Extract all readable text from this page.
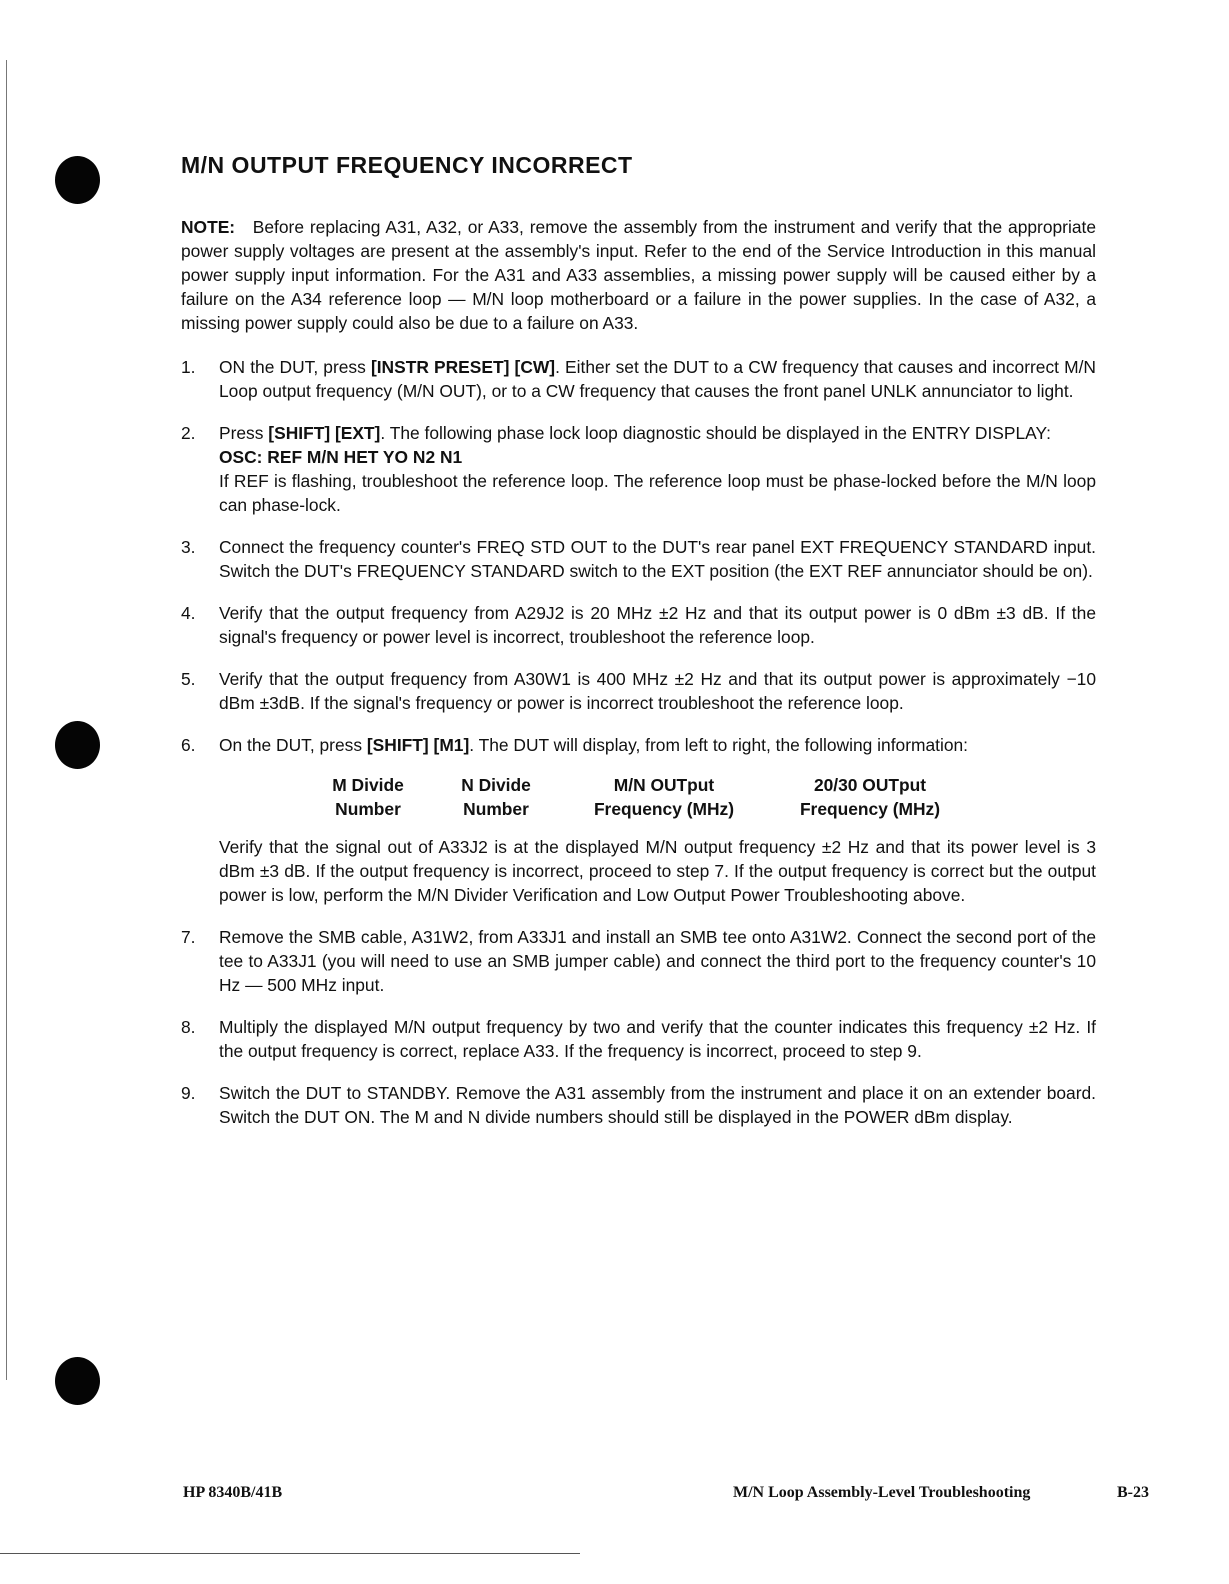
M/N OUTPUT FREQUENCY INCORRECT

NOTE: Before replacing A31, A32, or A33, remove the assembly from the instrument and verify that the appropriate power supply voltages are present at the assembly's input. Refer to the end of the Service Introduction in this manual power supply input information. For the A31 and A33 assemblies, a missing power supply will be caused either by a failure on the A34 reference loop — M/N loop motherboard or a failure in the power supplies. In the case of A32, a missing power supply could also be due to a failure on A33.

1. ON the DUT, press [INSTR PRESET] [CW]. Either set the DUT to a CW frequency that causes and incorrect M/N Loop output frequency (M/N OUT), or to a CW frequency that causes the front panel UNLK annunciator to light.

2. Press [SHIFT] [EXT]. The following phase lock loop diagnostic should be displayed in the ENTRY DISPLAY:

OSC: REF M/N HET YO N2 N1

If REF is flashing, troubleshoot the reference loop. The reference loop must be phase-locked before the M/N loop can phase-lock.

3. Connect the frequency counter's FREQ STD OUT to the DUT's rear panel EXT FREQUENCY STANDARD input. Switch the DUT's FREQUENCY STANDARD switch to the EXT position (the EXT REF annunciator should be on).

4. Verify that the output frequency from A29J2 is 20 MHz ±2 Hz and that its output power is 0 dBm ±3 dB. If the signal's frequency or power level is incorrect, troubleshoot the reference loop.

5. Verify that the output frequency from A30W1 is 400 MHz ±2 Hz and that its output power is approximately −10 dBm ±3dB. If the signal's frequency or power is incorrect troubleshoot the reference loop.

6. On the DUT, press [SHIFT] [M1]. The DUT will display, from left to right, the following information:

M Divide
Number
N Divide
Number
M/N OUTput
Frequency (MHz)
20/30 OUTput
Frequency (MHz)

Verify that the signal out of A33J2 is at the displayed M/N output frequency ±2 Hz and that its power level is 3 dBm ±3 dB. If the output frequency is incorrect, proceed to step 7. If the output frequency is correct but the output power is low, perform the M/N Divider Verification and Low Output Power Troubleshooting above.

7. Remove the SMB cable, A31W2, from A33J1 and install an SMB tee onto A31W2. Connect the second port of the tee to A33J1 (you will need to use an SMB jumper cable) and connect the third port to the frequency counter's 10 Hz — 500 MHz input.

8. Multiply the displayed M/N output frequency by two and verify that the counter indicates this frequency ±2 Hz. If the output frequency is correct, replace A33. If the frequency is incorrect, proceed to step 9.

9. Switch the DUT to STANDBY. Remove the A31 assembly from the instrument and place it on an extender board. Switch the DUT ON. The M and N divide numbers should still be displayed in the POWER dBm display.

HP 8340B/41B	M/N Loop Assembly-Level Troubleshooting	B-23
